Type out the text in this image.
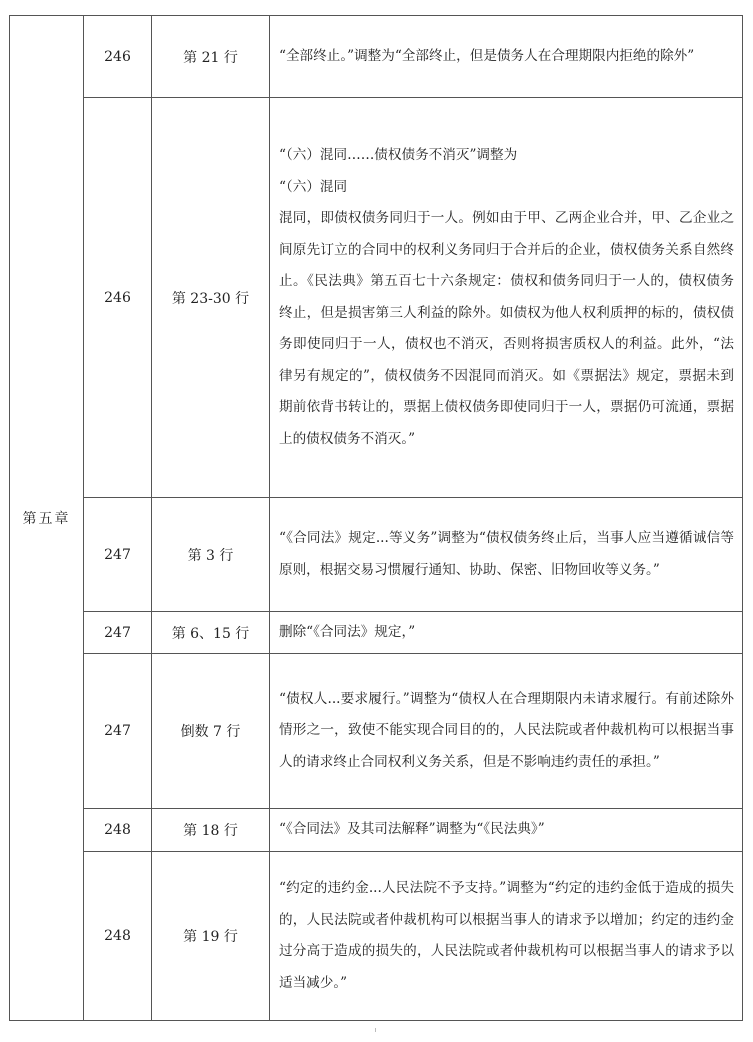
第五章	246	第 21 行	“全部终止。”调整为“全部终止，但是债务人在合理期限内拒绝的除外”

	246	第 23-30 行	“（六）混同……债权债务不消灭”调整为
“（六）混同
混同，即债权债务同归于一人。例如由于甲、乙两企业合并，甲、乙企业之间原先订立的合同中的权利义务同归于合并后的企业，债权债务关系自然终止。《民法典》第五百七十六条规定：债权和债务同归于一人的，债权债务终止，但是损害第三人利益的除外。如债权为他人权利质押的标的，债权债务即使同归于一人，债权也不消灭，否则将损害质权人的利益。此外，“法律另有规定的”，债权债务不因混同而消灭。如《票据法》规定，票据未到期前依背书转让的，票据上债权债务即使同归于一人，票据仍可流通，票据上的债权债务不消灭。”

	247	第 3 行	“《合同法》规定...等义务”调整为“债权债务终止后，当事人应当遵循诚信等原则，根据交易习惯履行通知、协助、保密、旧物回收等义务。”

	247	第 6、15 行	删除“《合同法》规定，”

	247	倒数 7 行	“债权人...要求履行。”调整为“债权人在合理期限内未请求履行。有前述除外情形之一，致使不能实现合同目的的，人民法院或者仲裁机构可以根据当事人的请求终止合同权利义务关系，但是不影响违约责任的承担。”

	248	第 18 行	“《合同法》及其司法解释”调整为“《民法典》”

	248	第 19 行	“约定的违约金...人民法院不予支持。”调整为“约定的违约金低于造成的损失的，人民法院或者仲裁机构可以根据当事人的请求予以增加；约定的违约金过分高于造成的损失的，人民法院或者仲裁机构可以根据当事人的请求予以适当减少。”
